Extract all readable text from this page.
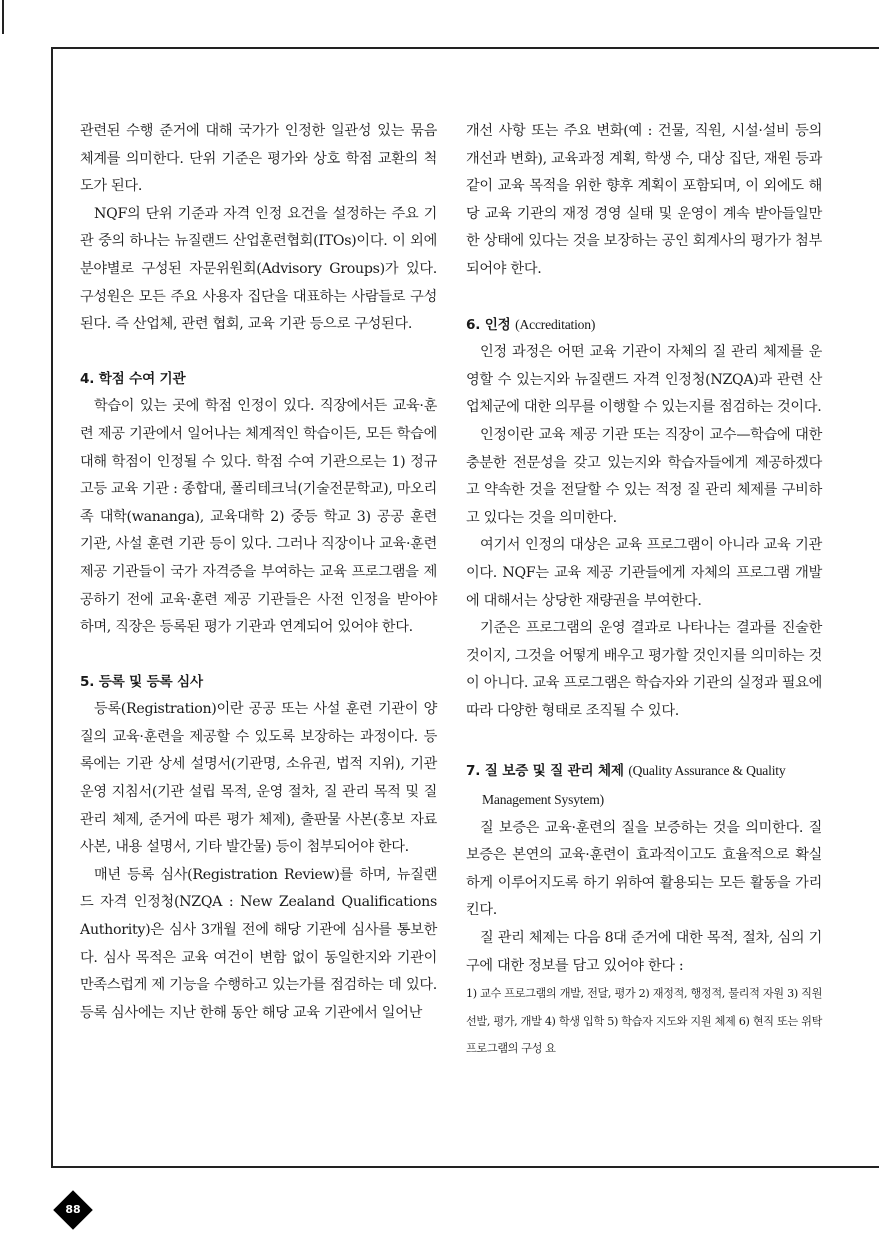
관련된 수행 준거에 대해 국가가 인정한 일관성 있는 묶음 체계를 의미한다. 단위 기준은 평가와 상호 학점 교환의 척도가 된다.

NQF의 단위 기준과 자격 인정 요건을 설정하는 주요 기관 중의 하나는 뉴질랜드 산업훈련협회(ITOs)이다. 이 외에 분야별로 구성된 자문위원회(Advisory Groups)가 있다. 구성원은 모든 주요 사용자 집단을 대표하는 사람들로 구성된다. 즉 산업체, 관련 협회, 교육 기관 등으로 구성된다.

4. 학점 수여 기관

학습이 있는 곳에 학점 인정이 있다. 직장에서든 교육·훈련 제공 기관에서 일어나는 체계적인 학습이든, 모든 학습에 대해 학점이 인정될 수 있다. 학점 수여 기관으로는 1) 정규 고등 교육 기관 : 종합대, 폴리테크닉(기술전문학교), 마오리족 대학(wananga), 교육대학 2) 중등 학교 3) 공공 훈련 기관, 사설 훈련 기관 등이 있다. 그러나 직장이나 교육·훈련 제공 기관들이 국가 자격증을 부여하는 교육 프로그램을 제공하기 전에 교육·훈련 제공 기관들은 사전 인정을 받아야 하며, 직장은 등록된 평가 기관과 연계되어 있어야 한다.

5. 등록 및 등록 심사

등록(Registration)이란 공공 또는 사설 훈련 기관이 양질의 교육·훈련을 제공할 수 있도록 보장하는 과정이다. 등록에는 기관 상세 설명서(기관명, 소유권, 법적 지위), 기관 운영 지침서(기관 설립 목적, 운영 절차, 질 관리 목적 및 질 관리 체제, 준거에 따른 평가 체제), 출판물 사본(홍보 자료 사본, 내용 설명서, 기타 발간물) 등이 첨부되어야 한다.

매년 등록 심사(Registration Review)를 하며, 뉴질랜드 자격 인정청(NZQA : New Zealand Qualifications Authority)은 심사 3개월 전에 해당 기관에 심사를 통보한다. 심사 목적은 교육 여건이 변함 없이 동일한지와 기관이 만족스럽게 제 기능을 수행하고 있는가를 점검하는 데 있다. 등록 심사에는 지난 한해 동안 해당 교육 기관에서 일어난

개선 사항 또는 주요 변화(예 : 건물, 직원, 시설·설비 등의 개선과 변화), 교육과정 계획, 학생 수, 대상 집단, 재원 등과 같이 교육 목적을 위한 향후 계획이 포함되며, 이 외에도 해당 교육 기관의 재정 경영 실태 및 운영이 계속 받아들일만한 상태에 있다는 것을 보장하는 공인 회계사의 평가가 첨부되어야 한다.

6. 인정 (Accreditation)

인정 과정은 어떤 교육 기관이 자체의 질 관리 체제를 운영할 수 있는지와 뉴질랜드 자격 인정청(NZQA)과 관련 산업체군에 대한 의무를 이행할 수 있는지를 점검하는 것이다.

인정이란 교육 제공 기관 또는 직장이 교수—학습에 대한 충분한 전문성을 갖고 있는지와 학습자들에게 제공하겠다고 약속한 것을 전달할 수 있는 적정 질 관리 체제를 구비하고 있다는 것을 의미한다.

여기서 인정의 대상은 교육 프로그램이 아니라 교육 기관이다. NQF는 교육 제공 기관들에게 자체의 프로그램 개발에 대해서는 상당한 재량권을 부여한다.

기준은 프로그램의 운영 결과로 나타나는 결과를 진술한 것이지, 그것을 어떻게 배우고 평가할 것인지를 의미하는 것이 아니다. 교육 프로그램은 학습자와 기관의 실정과 필요에 따라 다양한 형태로 조직될 수 있다.

7. 질 보증 및 질 관리 체제 (Quality Assurance & Quality Management Sysytem)

질 보증은 교육·훈련의 질을 보증하는 것을 의미한다. 질 보증은 본연의 교육·훈련이 효과적이고도 효율적으로 확실하게 이루어지도록 하기 위하여 활용되는 모든 활동을 가리킨다.

질 관리 체제는 다음 8대 준거에 대한 목적, 절차, 심의 기구에 대한 정보를 담고 있어야 한다 :

1) 교수 프로그램의 개발, 전달, 평가 2) 재정적, 행정적, 물리적 자원 3) 직원 선발, 평가, 개발 4) 학생 입학 5) 학습자 지도와 지원 체제 6) 현직 또는 위탁 프로그램의 구성 요

88
